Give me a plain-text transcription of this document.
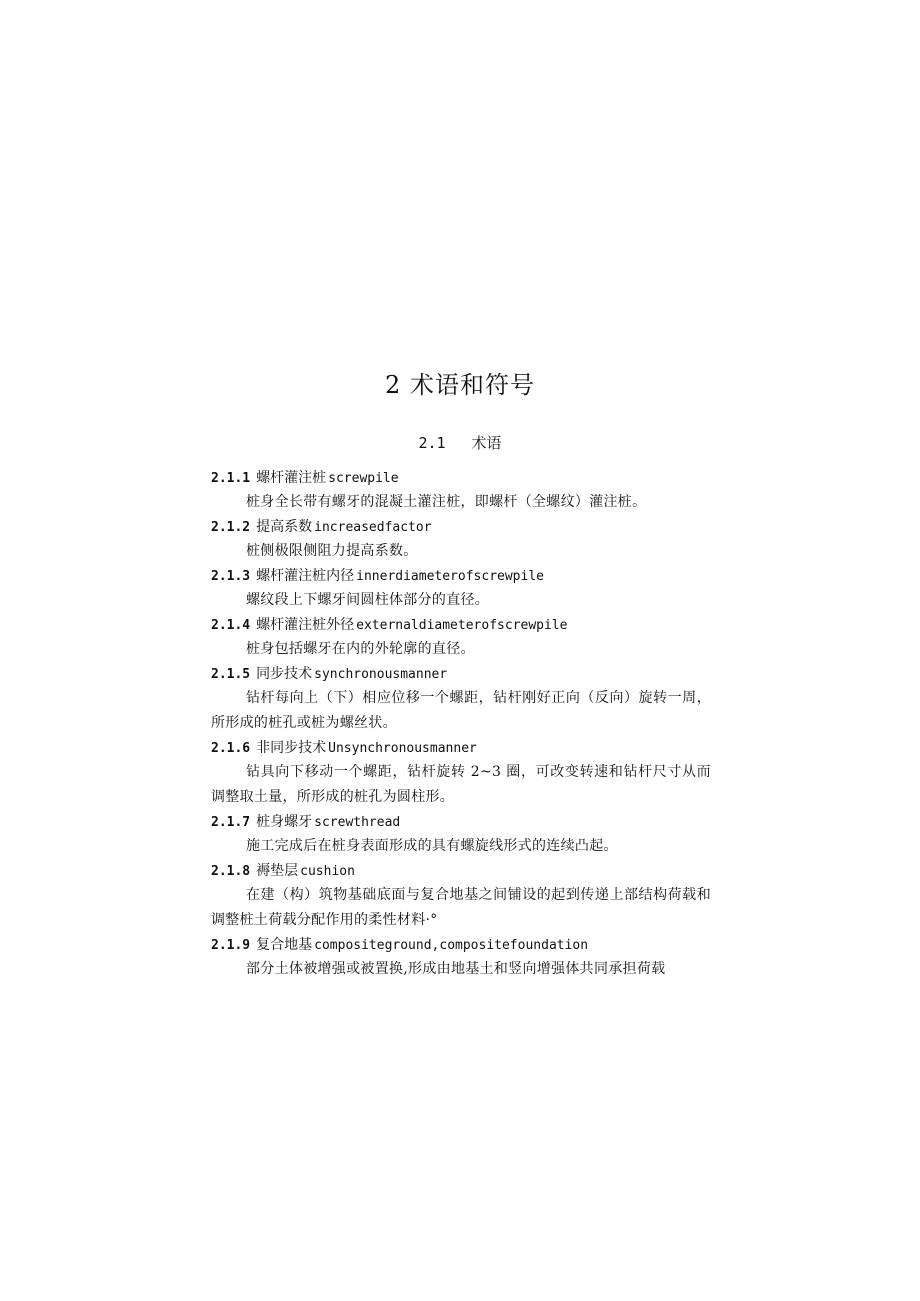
2 术语和符号
2.1 术语
2.1.1 螺杆灌注桩 screwpile

桩身全长带有螺牙的混凝土灌注桩，即螺杆（全螺纹）灌注桩。

2.1.2 提高系数 increasedfactor

桩侧极限侧阻力提高系数。

2.1.3 螺杆灌注桩内径 innerdiameterofscrewpile

螺纹段上下螺牙间圆柱体部分的直径。

2.1.4 螺杆灌注桩外径 externaldiameterofscrewpile

桩身包括螺牙在内的外轮廓的直径。

2.1.5 同步技术 synchronousmanner

钻杆每向上（下）相应位移一个螺距，钻杆刚好正向（反向）旋转一周，所形成的桩孔或桩为螺丝状。

2.1.6 非同步技术 Unsynchronousmanner

钻具向下移动一个螺距，钻杆旋转 2~3 圈，可改变转速和钻杆尺寸从而调整取土量，所形成的桩孔为圆柱形。

2.1.7 桩身螺牙 screwthread

施工完成后在桩身表面形成的具有螺旋线形式的连续凸起。

2.1.8 褥垫层 cushion

在建（构）筑物基础底面与复合地基之间铺设的起到传递上部结构荷载和调整桩土荷载分配作用的柔性材料·°

2.1.9 复合地基 compositeground,compositefoundation

部分土体被增强或被置换,形成由地基土和竖向增强体共同承担荷载
